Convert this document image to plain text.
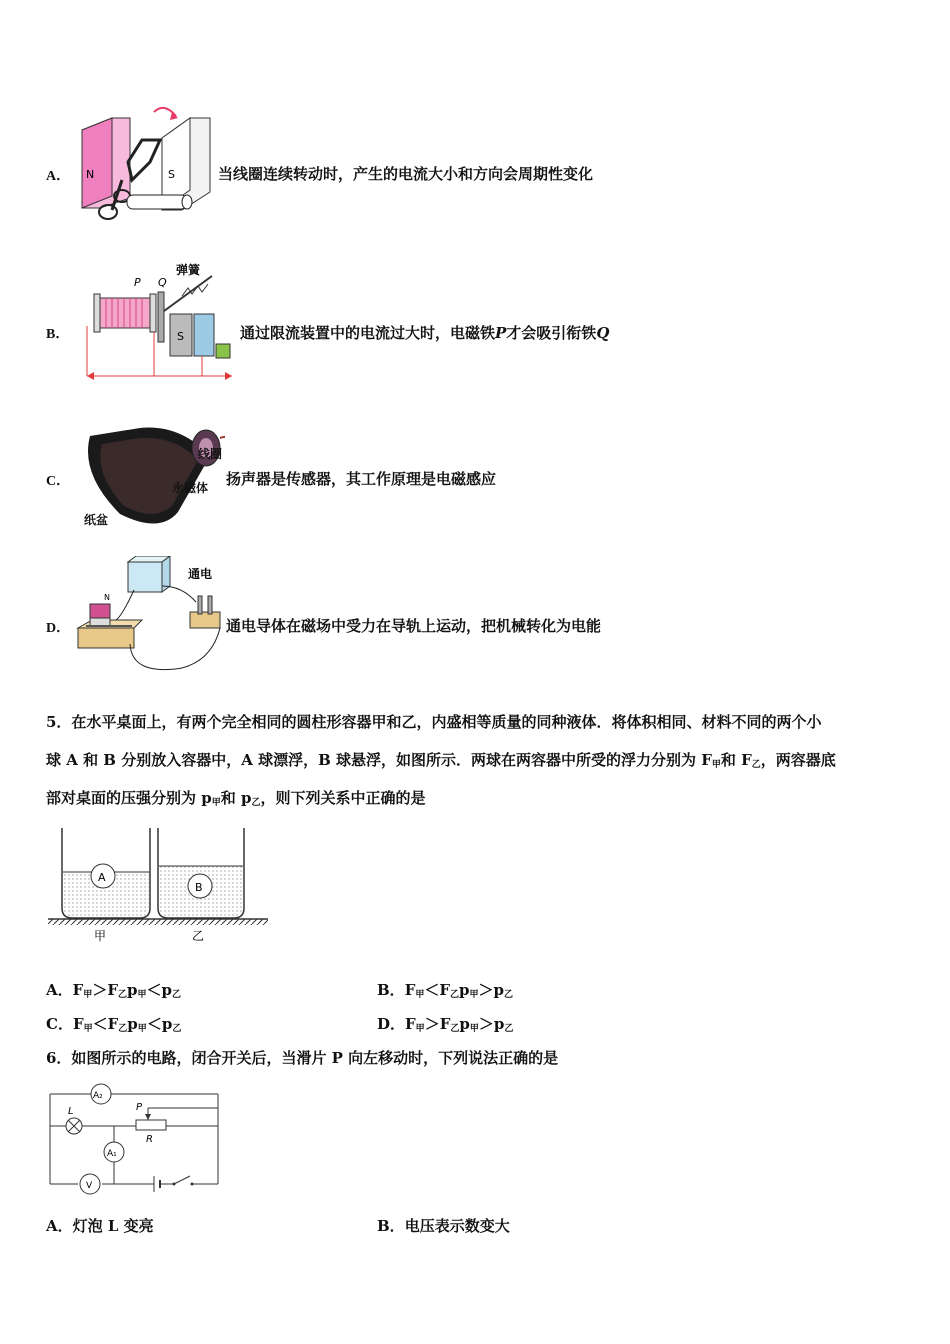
A． N	S	当线圈连续转动时，产生的电流大小和方向会周期性变化
B．
P Q
弹簧
S	通过限流装置中的电流过大时，电磁铁P才会吸引衔铁Q
C．
线圈
永磁体
纸盆
扬声器是传感器，其工作原理是电磁感应
D．
通电
N
通电导体在磁场中受力在导轨上运动，把机械转化为电能
5．在水平桌面上，有两个完全相同的圆柱形容器甲和乙，内盛相等质量的同种液体．将体积相同、材料不同的两个小
球 A 和 B 分别放入容器中，A 球漂浮，B 球悬浮，如图所示．两球在两容器中所受的浮力分别为 $F_甲$和 $F_乙$，两容器底
部对桌面的压强分别为 $p_甲$和 $p_乙$，则下列关系中正确的是
A
B
甲	乙
A．$F_甲>F_乙p_甲<p_乙$	B．$F_甲<F_乙p_甲>p_乙$
C．$F_甲<F_乙p_甲<p_乙$	D．$F_甲>F_乙p_甲>p_乙$
6．如图所示的电路，闭合开关后，当滑片 P 向左移动时，下列说法正确的是
A₂
L	P
R
A₁
V
A．灯泡 L 变亮	B．电压表示数变大
